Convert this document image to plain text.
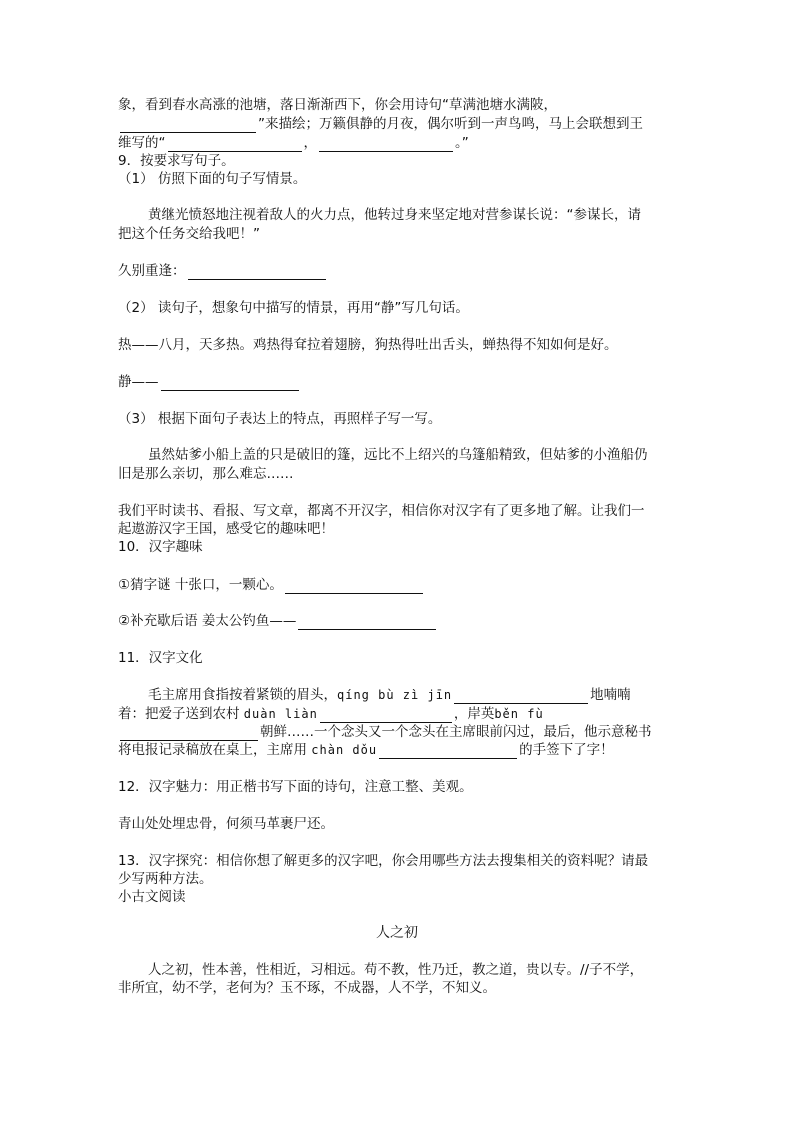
象，看到春水高涨的池塘，落日渐渐西下，你会用诗句“草满池塘水满陂，
”来描绘；万籁俱静的月夜，偶尔听到一声鸟鸣，马上会联想到王
维写的“	，	。”
9．按要求写句子。
（1） 仿照下面的句子写情景。
黄继光愤怒地注视着敌人的火力点，他转过身来坚定地对营参谋长说：“参谋长，请
把这个任务交给我吧！”
久别重逢：
（2） 读句子，想象句中描写的情景，再用“静”写几句话。
热——八月，天多热。鸡热得耷拉着翅膀，狗热得吐出舌头，蝉热得不知如何是好。
静——
（3） 根据下面句子表达上的特点，再照样子写一写。
虽然姑爹小船上盖的只是破旧的篷，远比不上绍兴的乌篷船精致，但姑爹的小渔船仍
旧是那么亲切，那么难忘……
我们平时读书、看报、写文章，都离不开汉字，相信你对汉字有了更多地了解。让我们一
起遨游汉字王国，感受它的趣味吧！
10．汉字趣味
①猜字谜 十张口，一颗心。
②补充歇后语 姜太公钓鱼——
11．汉字文化
毛主席用食指按着紧锁的眉头，qíng bù zì jīn	地喃喃
着：把爱子送到农村 duàn liàn	，岸英běn fù
朝鲜……一个念头又一个念头在主席眼前闪过，最后，他示意秘书
将电报记录稿放在桌上，主席用 chàn dǒu	的手签下了字！
12．汉字魅力：用正楷书写下面的诗句，注意工整、美观。
青山处处埋忠骨，何须马革裹尸还。
13．汉字探究：相信你想了解更多的汉字吧，你会用哪些方法去搜集相关的资料呢？请最
少写两种方法。
小古文阅读
人之初
人之初，性本善，性相近，习相远。苟不教，性乃迁，教之道，贵以专。//子不学，
非所宜，幼不学，老何为？玉不琢，不成器，人不学，不知义。
